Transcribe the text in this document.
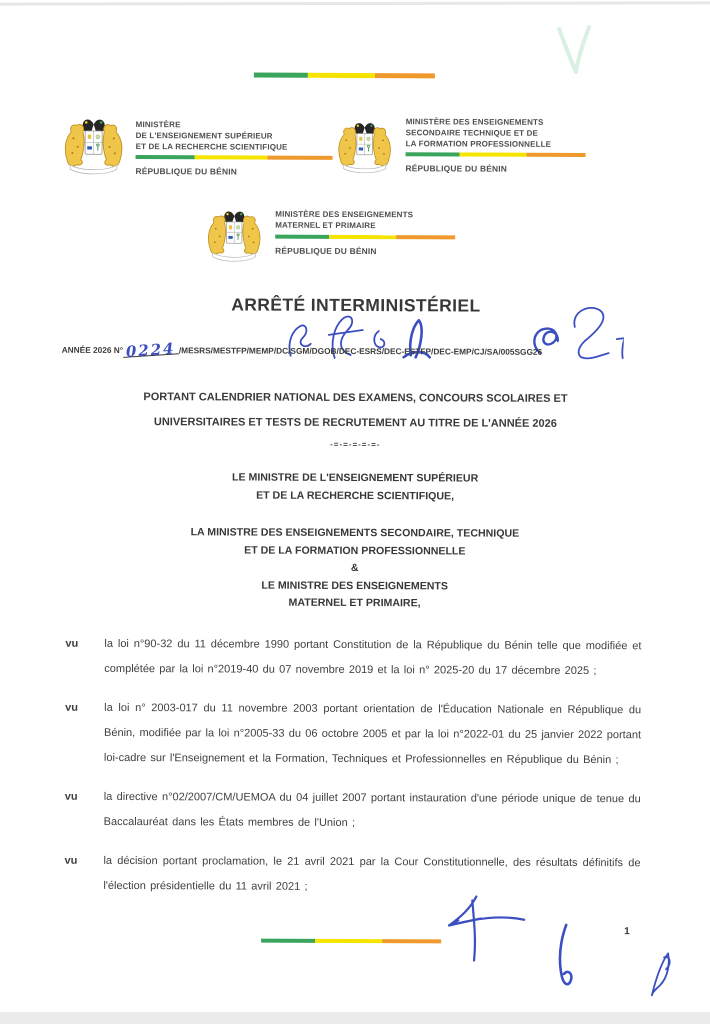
MINISTÈRE
DE L'ENSEIGNEMENT SUPÉRIEUR
ET DE LA RECHERCHE SCIENTIFIQUE
RÉPUBLIQUE DU BÉNIN
MINISTÈRE DES ENSEIGNEMENTS
SECONDAIRE TECHNIQUE ET DE
LA FORMATION PROFESSIONNELLE
RÉPUBLIQUE DU BÉNIN
MINISTÈRE DES ENSEIGNEMENTS
MATERNEL ET PRIMAIRE
RÉPUBLIQUE DU BÉNIN
ARRÊTÉ INTERMINISTÉRIEL
ANNÉE 2026 N° 0224 /MESRS/MESTFP/MEMP/DC/SGM/DGOB/DEC-ESRS/DEC-ESTFP/DEC-EMP/CJ/SA/005SGG26
PORTANT CALENDRIER NATIONAL DES EXAMENS, CONCOURS SCOLAIRES ET
UNIVERSITAIRES ET TESTS DE RECRUTEMENT AU TITRE DE L'ANNÉE 2026
-=-=-=-=-=-
LE MINISTRE DE L'ENSEIGNEMENT SUPÉRIEUR
ET DE LA RECHERCHE SCIENTIFIQUE,
LA MINISTRE DES ENSEIGNEMENTS SECONDAIRE, TECHNIQUE
ET DE LA FORMATION PROFESSIONNELLE
&
LE MINISTRE DES ENSEIGNEMENTS
MATERNEL ET PRIMAIRE,
vu	la loi n°90-32 du 11 décembre 1990 portant Constitution de la République du Bénin telle que modifiée et complétée par la loi n°2019-40 du 07 novembre 2019 et la loi n° 2025-20 du 17 décembre 2025 ;
vu	la loi n° 2003-017 du 11 novembre 2003 portant orientation de l'Éducation Nationale en République du Bénin, modifiée par la loi n°2005-33 du 06 octobre 2005 et par la loi n°2022-01 du 25 janvier 2022 portant loi-cadre sur l'Enseignement et la Formation, Techniques et Professionnelles en République du Bénin ;
vu	la directive n°02/2007/CM/UEMOA du 04 juillet 2007 portant instauration d'une période unique de tenue du Baccalauréat dans les États membres de l'Union ;
vu	la décision portant proclamation, le 21 avril 2021 par la Cour Constitutionnelle, des résultats définitifs de l'élection présidentielle du 11 avril 2021 ;
1
